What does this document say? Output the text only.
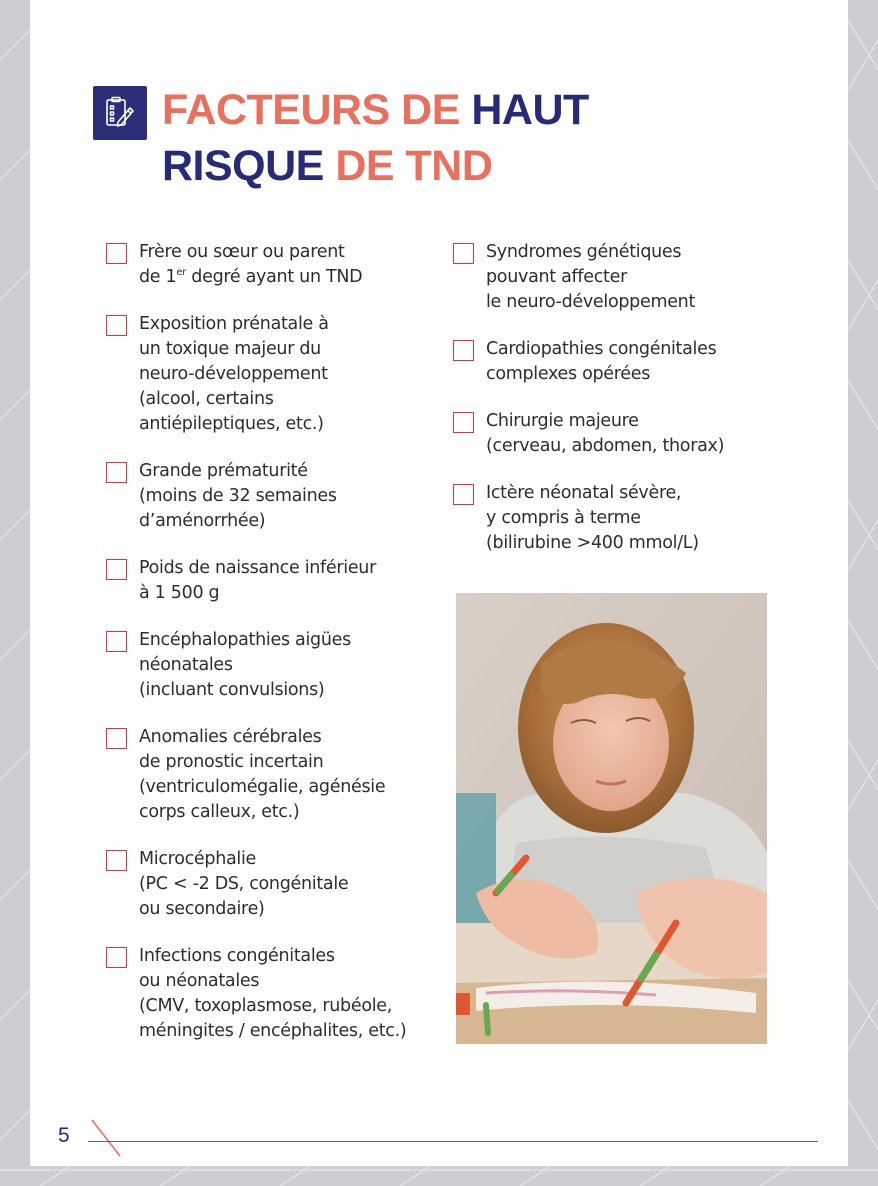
FACTEURS DE HAUT
RISQUE DE TND
Frère ou sœur ou parent
de 1er degré ayant un TND
Exposition prénatale à
un toxique majeur du
neuro-développement
(alcool, certains
antiépileptiques, etc.)
Grande prématurité
(moins de 32 semaines
d’aménorrhée)
Poids de naissance inférieur
à 1 500 g
Encéphalopathies aigües
néonatales
(incluant convulsions)
Anomalies cérébrales
de pronostic incertain
(ventriculomégalie, agénésie
corps calleux, etc.)
Microcéphalie
(PC < -2 DS, congénitale
ou secondaire)
Infections congénitales
ou néonatales
(CMV, toxoplasmose, rubéole,
méningites / encéphalites, etc.)
Syndromes génétiques
pouvant affecter
le neuro-développement
Cardiopathies congénitales
complexes opérées
Chirurgie majeure
(cerveau, abdomen, thorax)
Ictère néonatal sévère,
y compris à terme
(bilirubine >400 mmol/L)
5
